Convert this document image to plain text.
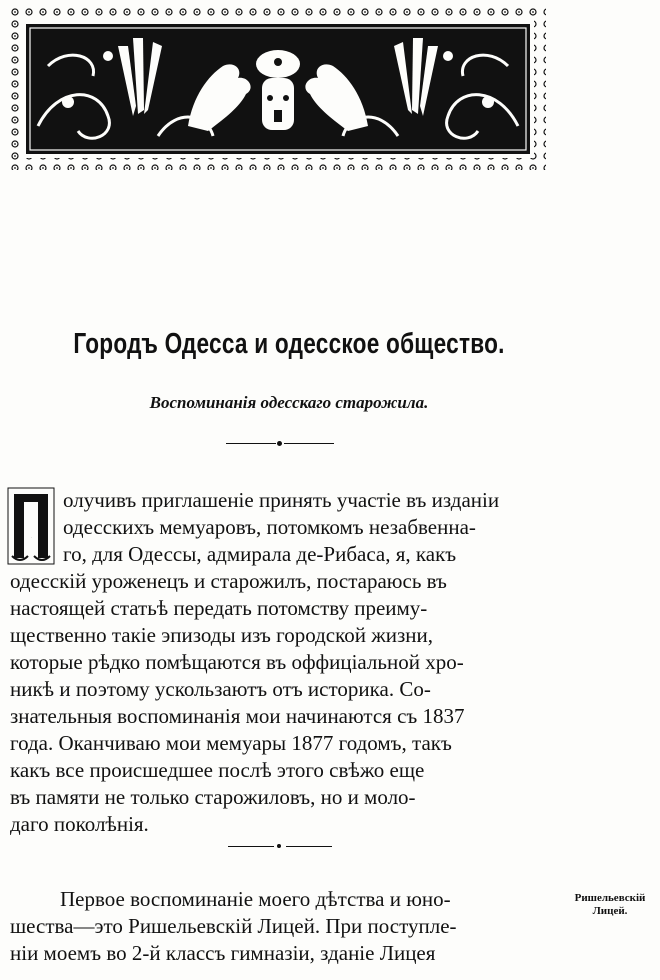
Городъ Одесса и одесское общество.
Воспоминанія одесскаго старожила.
П
олучивъ приглашеніе принять участіе въ изданіи
одесскихъ мемуаровъ, потомкомъ незабвенна-
го, для Одессы, адмирала де-Рибаса, я, какъ
одесскій уроженецъ и старожилъ, постараюсь въ
настоящей статьѣ передать потомству преиму-
щественно такіе эпизоды изъ городской жизни,
которые рѣдко помѣщаются въ оффиціальной хро-
никѣ и поэтому ускользаютъ отъ историка. Со-
знательныя воспоминанія мои начинаются съ 1837
года. Оканчиваю мои мемуары 1877 годомъ, такъ
какъ все происшедшее послѣ этого свѣжо еще
въ памяти не только старожиловъ, но и моло-
даго поколѣнія.
Первое воспоминаніе моего дѣтства и юно-
шества—это Ришельевскій Лицей. При поступле-
ніи моемъ во 2-й классъ гимназіи, зданіе Лицея
Ришельевскій
Лицей.
